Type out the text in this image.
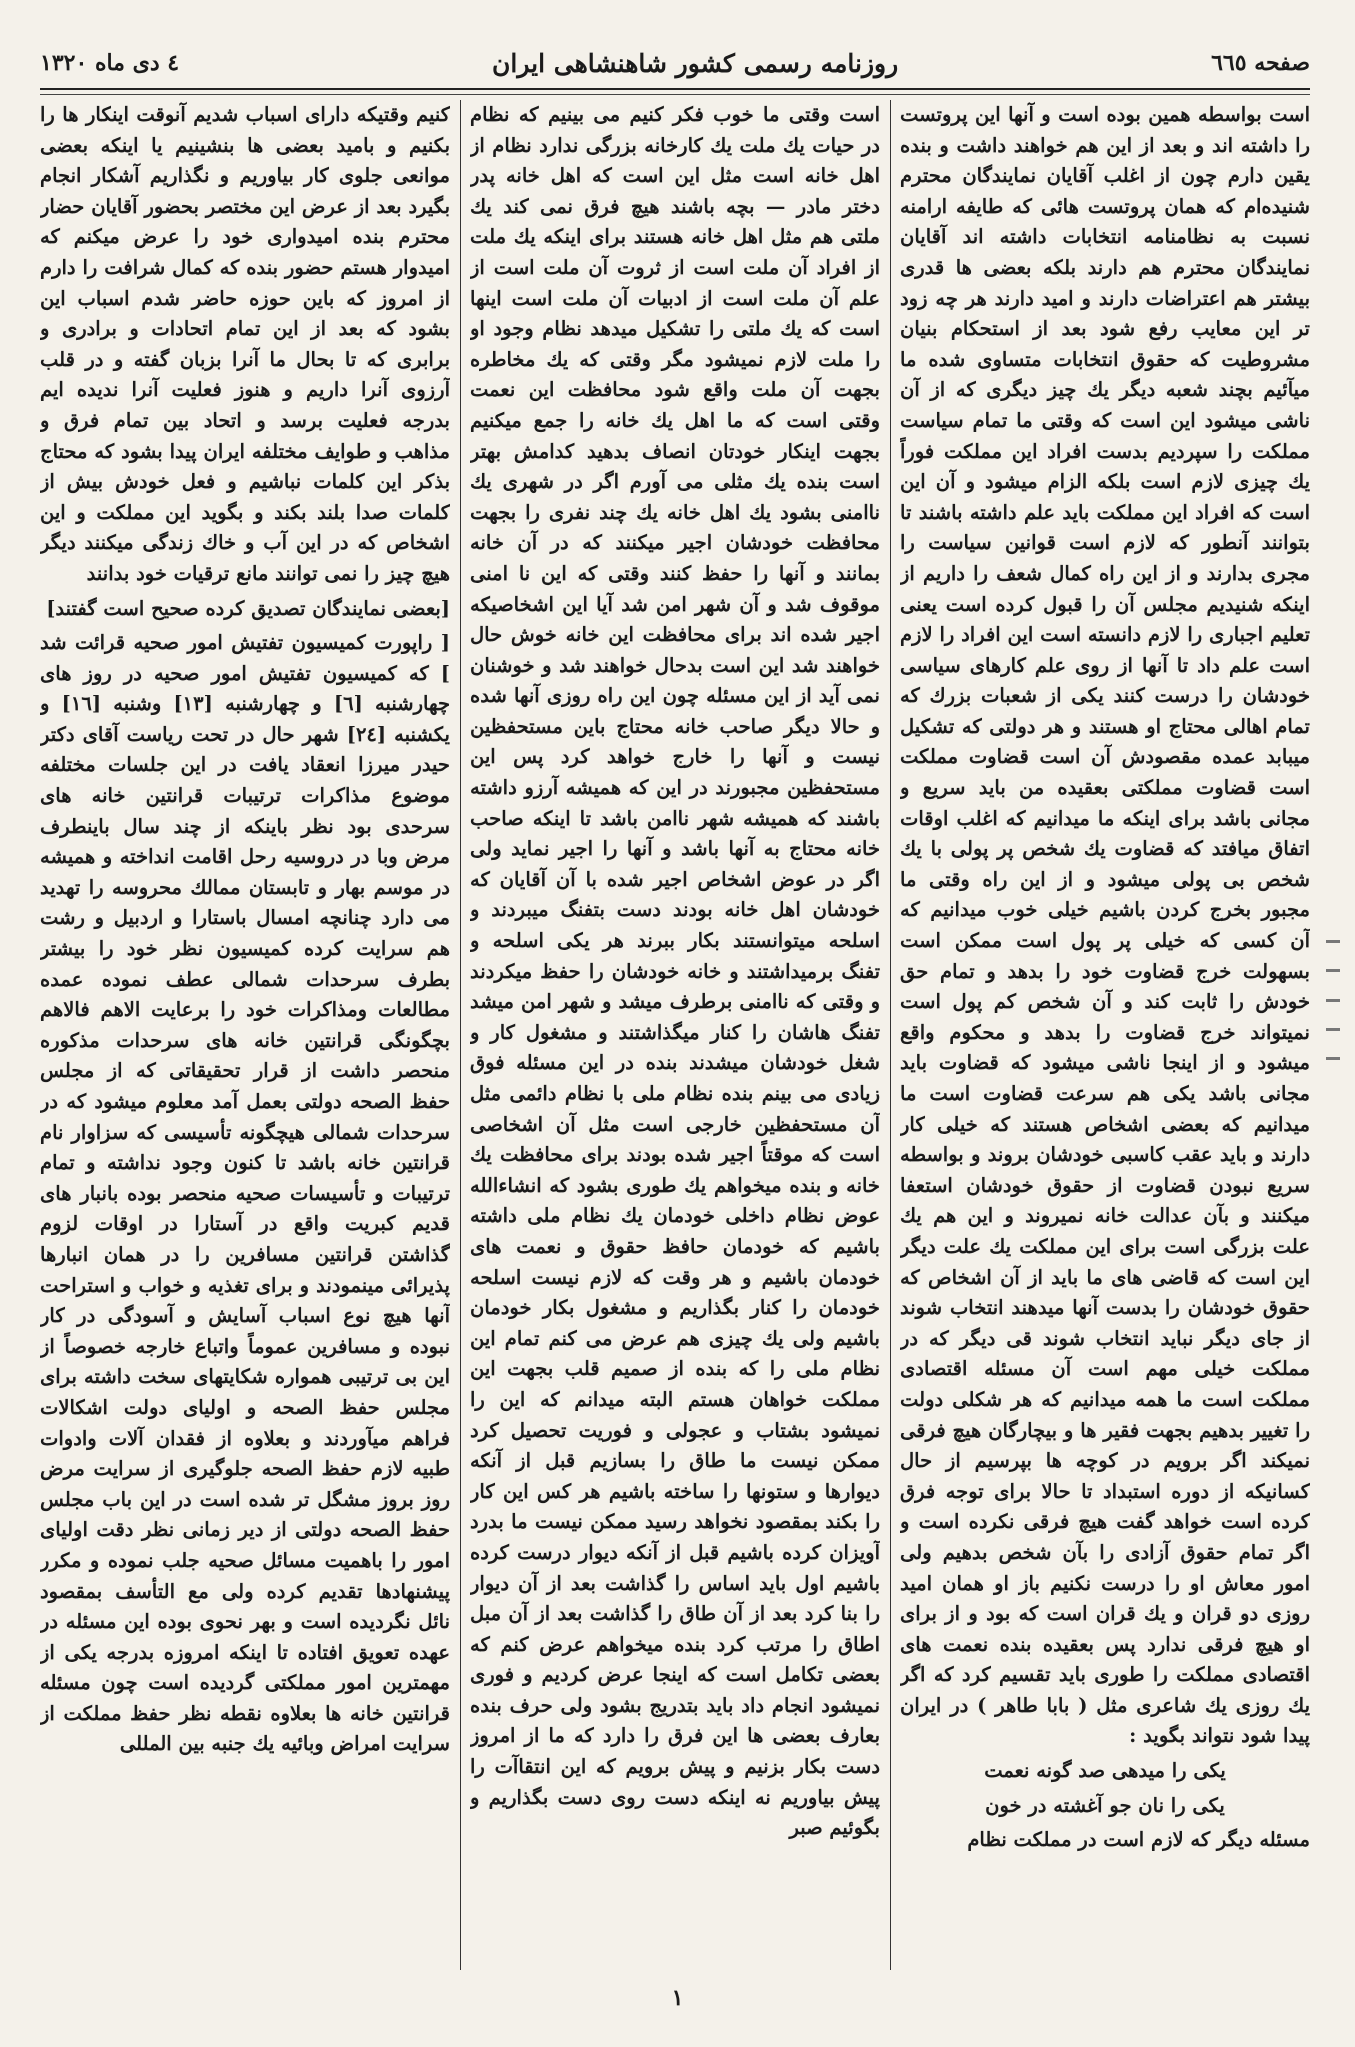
صفحه ٦٦٥
روزنامه رسمی کشور شاهنشاهی ایران
٤ دی ماه ۱۳۲۰

است بواسطه همین بوده است و آنها این پروتست را داشته اند و بعد از این هم خواهند داشت و بنده یقین دارم چون از اغلب آقایان نمایندگان محترم شنیده‌ام که همان پروتست هائی که طایفه ارامنه نسبت به نظامنامه انتخابات داشته اند آقایان نمایندگان محترم هم دارند بلکه بعضی ها قدری بیشتر هم اعتراضات دارند و امید دارند هر چه زود تر این معایب رفع شود بعد از استحکام بنیان مشروطیت که حقوق انتخابات متساوی شده ما میآئیم بچند شعبه دیگر یك چیز دیگری که از آن ناشی میشود این است که وقتی ما تمام سیاست مملکت را سپردیم بدست افراد این مملکت فوراً یك چیزی لازم است بلکه الزام میشود و آن این است که افراد این مملکت باید علم داشته باشند تا بتوانند آنطور که لازم است قوانین سیاست را مجری بدارند و از این راه کمال شعف را داریم از اینکه شنیدیم مجلس آن را قبول کرده است یعنی تعلیم اجباری را لازم دانسته است این افراد را لازم است علم داد تا آنها از روی علم کارهای سیاسی خودشان را درست کنند یکی از شعبات بزرك که تمام اهالی محتاج او هستند و هر دولتی که تشکیل میبابد عمده مقصودش آن است قضاوت مملکت است قضاوت مملکتی بعقیده من باید سریع و مجانی باشد برای اینکه ما میدانیم که اغلب اوقات اتفاق میافتد که قضاوت یك شخص پر پولی با یك شخص بی پولی میشود و از این راه وقتی ما مجبور بخرج کردن باشیم خیلی خوب میدانیم که آن کسی که خیلی پر پول است ممکن است بسهولت خرج قضاوت خود را بدهد و تمام حق خودش را ثابت کند و آن شخص کم پول است نمیتواند خرج قضاوت را بدهد و محکوم واقع میشود و از اینجا ناشی میشود که قضاوت باید مجانی باشد یکی هم سرعت قضاوت است ما میدانیم که بعضی اشخاص هستند که خیلی کار دارند و باید عقب کاسبی خودشان بروند و بواسطه سریع نبودن قضاوت از حقوق خودشان استعفا میکنند و بآن عدالت خانه نمیروند و این هم یك علت بزرگی است برای این مملکت یك علت دیگر این است که قاضی های ما باید از آن اشخاص که حقوق خودشان را بدست آنها میدهند انتخاب شوند از جای دیگر نباید انتخاب شوند قی دیگر که در مملکت خیلی مهم است آن مسئله اقتصادی مملکت است ما همه میدانیم که هر شکلی دولت را تغییر بدهیم بجهت فقیر ها و بیچارگان هیچ فرقی نمیکند اگر برویم در کوچه ها بپرسیم از حال کسانیکه از دوره استبداد تا حالا برای توجه فرق کرده است خواهد گفت هیچ فرقی نکرده است و اگر تمام حقوق آزادی را بآن شخص بدهیم ولی امور معاش او را درست نکنیم باز او همان امید روزی دو قران و یك قران است که بود و از برای او هیچ فرقی ندارد پس بعقیده بنده نعمت های اقتصادی مملکت را طوری باید تقسیم کرد که اگر یك روزی یك شاعری مثل ( بابا طاهر ) در ایران پیدا شود نتواند بگوید :

یکی را میدهی صد گونه نعمت

یکی را نان جو آغشته در خون

مسئله دیگر که لازم است در مملکت نظام

است وقتی ما خوب فکر کنیم می بینیم که نظام در حیات یك ملت یك کارخانه بزرگی ندارد نظام از اهل خانه است مثل این است که اهل خانه پدر دختر مادر — بچه باشند هیچ فرق نمی کند یك ملتی هم مثل اهل خانه هستند برای اینکه یك ملت از افراد آن ملت است از ثروت آن ملت است از علم آن ملت است از ادبیات آن ملت است اینها است که یك ملتی را تشکیل میدهد نظام وجود او را ملت لازم نمیشود مگر وقتی که یك مخاطره بجهت آن ملت واقع شود محافظت این نعمت وقتی است که ما اهل یك خانه را جمع میکنیم بجهت اینکار خودتان انصاف بدهید کدامش بهتر است بنده یك مثلی می آورم اگر در شهری یك ناامنی بشود یك اهل خانه یك چند نفری را بجهت محافظت خودشان اجیر میکنند که در آن خانه بمانند و آنها را حفظ کنند وقتی که این نا امنی موقوف شد و آن شهر امن شد آیا این اشخاصیکه اجیر شده اند برای محافظت این خانه خوش حال خواهند شد این است بدحال خواهند شد و خوشنان نمی آید از این مسئله چون این راه روزی آنها شده و حالا دیگر صاحب خانه محتاج باین مستحفظین نیست و آنها را خارج خواهد کرد پس این مستحفظین مجبورند در این که همیشه آرزو داشته باشند که همیشه شهر ناامن باشد تا اینکه صاحب خانه محتاج به آنها باشد و آنها را اجیر نماید ولی اگر در عوض اشخاص اجیر شده با آن آقایان که خودشان اهل خانه بودند دست بتفنگ میبردند و اسلحه میتوانستند بکار ببرند هر یکی اسلحه و تفنگ برمیداشتند و خانه خودشان را حفظ میکردند و وقتی که ناامنی برطرف میشد و شهر امن میشد تفنگ هاشان را کنار میگذاشتند و مشغول کار و شغل خودشان میشدند بنده در این مسئله فوق زیادی می بینم بنده نظام ملی با نظام دائمی مثل آن مستحفظین خارجی است مثل آن اشخاصی است که موقتاً اجیر شده بودند برای محافظت یك خانه و بنده میخواهم یك طوری بشود که انشاءالله عوض نظام داخلی خودمان یك نظام ملی داشته باشیم که خودمان حافظ حقوق و نعمت های خودمان باشیم و هر وقت که لازم نیست اسلحه خودمان را کنار بگذاریم و مشغول بکار خودمان باشیم ولی یك چیزی هم عرض می کنم تمام این نظام ملی را که بنده از صمیم قلب بجهت این مملکت خواهان هستم البته میدانم که این را نمیشود بشتاب و عجولی و فوریت تحصیل کرد ممکن نیست ما طاق را بسازیم قبل از آنکه دیوارها و ستونها را ساخته باشیم هر کس این کار را بکند بمقصود نخواهد رسید ممکن نیست ما بدرد آویزان کرده باشیم قبل از آنکه دیوار درست کرده باشیم اول باید اساس را گذاشت بعد از آن دیوار را بنا کرد بعد از آن طاق را گذاشت بعد از آن مبل اطاق را مرتب کرد بنده میخواهم عرض کنم که بعضی تکامل است که اینجا عرض کردیم و فوری نمیشود انجام داد باید بتدریج بشود ولی حرف بنده بعارف بعضی ها این فرق را دارد که ما از امروز دست بکار بزنیم و پیش برویم که این انتقاآت را پیش بیاوریم نه اینکه دست روی دست بگذاریم و بگوئیم صبر

کنیم وقتیکه دارای اسباب شدیم آنوقت اینکار ها را بکنیم و بامید بعضی ها بنشینیم یا اینکه بعضی موانعی جلوی کار بیاوریم و نگذاریم آشکار انجام بگیرد بعد از عرض این مختصر بحضور آقایان حضار محترم بنده امیدواری خود را عرض میکنم که امیدوار هستم حضور بنده که کمال شرافت را دارم از امروز که باین حوزه حاضر شدم اسباب این بشود که بعد از این تمام اتحادات و برادری و برابری که تا بحال ما آنرا بزبان گفته و در قلب آرزوی آنرا داریم و هنوز فعلیت آنرا ندیده ایم بدرجه فعلیت برسد و اتحاد بین تمام فرق و مذاهب و طوایف مختلفه ایران پیدا بشود که محتاج بذکر این کلمات نباشیم و فعل خودش بیش از کلمات صدا بلند بکند و بگوید این مملکت و این اشخاص که در این آب و خاك زندگی میکنند دیگر هیچ چیز را نمی توانند مانع ترقیات خود بدانند

[بعضی نمایندگان تصدیق کرده صحیح است گفتند]

[ راپورت کمیسیون تفتیش امور صحیه قرائت شد ] که کمیسیون تفتیش امور صحیه در روز های چهارشنبه [٦] و چهارشنبه [۱۳] وشنبه [۱٦] و یکشنبه [۲٤] شهر حال در تحت ریاست آقای دکتر حیدر میرزا انعقاد یافت در این جلسات مختلفه موضوع مذاکرات ترتیبات قرانتین خانه های سرحدی بود نظر باینکه از چند سال باینطرف مرض وبا در دروسیه رحل اقامت انداخته و همیشه در موسم بهار و تابستان ممالك محروسه را تهدید می دارد چنانچه امسال باستارا و اردبیل و رشت هم سرایت کرده کمیسیون نظر خود را بیشتر بطرف سرحدات شمالی عطف نموده عمده مطالعات ومذاکرات خود را برعایت الاهم فالاهم بچگونگی قرانتین خانه های سرحدات مذکوره منحصر داشت از قرار تحقیقاتی که از مجلس حفظ الصحه دولتی بعمل آمد معلوم میشود که در سرحدات شمالی هیچگونه تأسیسی که سزاوار نام قرانتین خانه باشد تا کنون وجود نداشته و تمام ترتیبات و تأسیسات صحیه منحصر بوده بانبار های قدیم کبریت واقع در آستارا در اوقات لزوم گذاشتن قرانتین مسافرین را در همان انبارها پذیرائی مینمودند و برای تغذیه و خواب و استراحت آنها هیچ نوع اسباب آسایش و آسودگی در کار نبوده و مسافرین عموماً واتباع خارجه خصوصاً از این بی ترتیبی همواره شکایتهای سخت داشته برای مجلس حفظ الصحه و اولیای دولت اشکالات فراهم میآوردند و بعلاوه از فقدان آلات وادوات طبیه لازم حفظ الصحه جلوگیری از سرایت مرض روز بروز مشگل تر شده است در این باب مجلس حفظ الصحه دولتی از دیر زمانی نظر دقت اولیای امور را باهمیت مسائل صحیه جلب نموده و مکرر پیشنهادها تقدیم کرده ولی مع التأسف بمقصود نائل نگردیده است و بهر نحوی بوده این مسئله در عهده تعویق افتاده تا اینکه امروزه بدرجه یکی از مهمترین امور مملکتی گردیده است چون مسئله قرانتین خانه ها بعلاوه نقطه نظر حفظ مملکت از سرایت امراض وبائیه یك جنبه بین المللی

۱
